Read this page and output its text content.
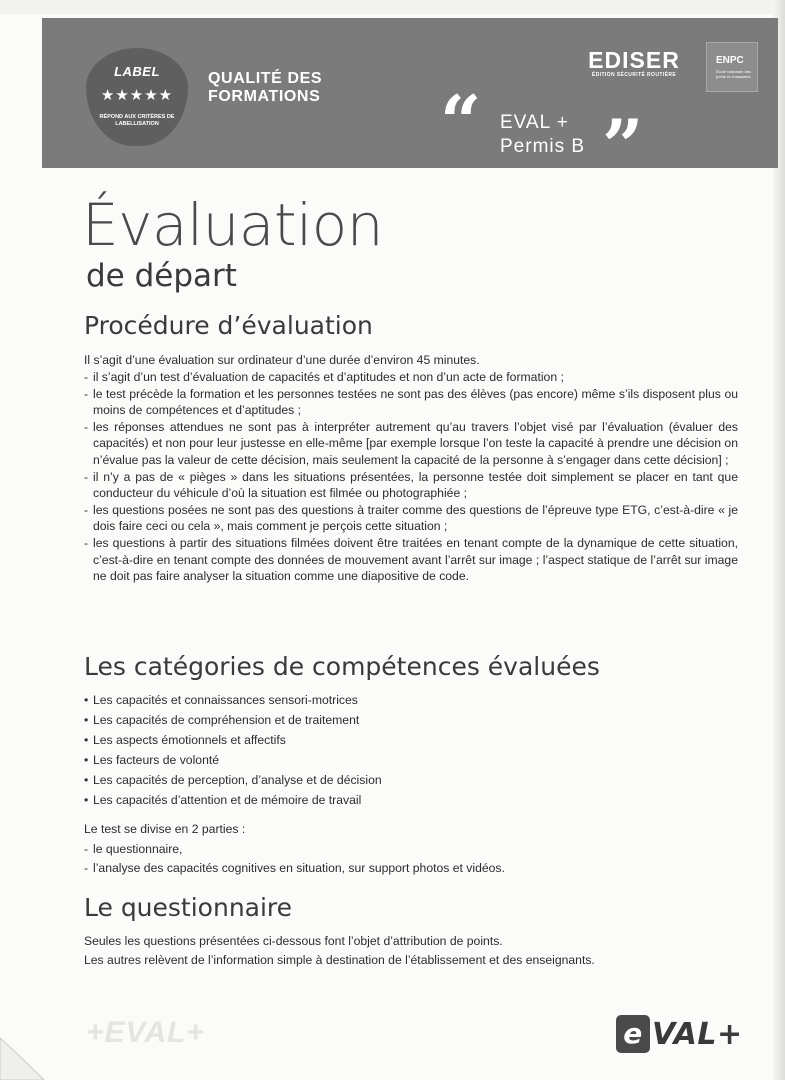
LABEL
★★★★★
RÉPOND AUX CRITÈRES DE LABELLISATION
QUALITÉ DES FORMATIONS
EDISER
ÉDITION SÉCURITÉ ROUTIÈRE
ENPC
École nationale des ponts et chaussées
“ EVAL +
Permis B ”
Évaluation
de départ
Procédure d’évaluation
Il s’agit d’une évaluation sur ordinateur d’une durée d’environ 45 minutes.
- il s’agit d’un test d’évaluation de capacités et d’aptitudes et non d’un acte de formation ;
- le test précède la formation et les personnes testées ne sont pas des élèves (pas encore) même s’ils disposent plus ou moins de compétences et d’aptitudes ;
- les réponses attendues ne sont pas à interpréter autrement qu’au travers l’objet visé par l’évaluation (évaluer des capacités) et non pour leur justesse en elle-même [par exemple lorsque l’on teste la capacité à prendre une décision on n’évalue pas la valeur de cette décision, mais seulement la capacité de la personne à s’engager dans cette décision] ;
- il n’y a pas de « pièges » dans les situations présentées, la personne testée doit simplement se placer en tant que conducteur du véhicule d’où la situation est filmée ou photographiée ;
- les questions posées ne sont pas des questions à traiter comme des questions de l’épreuve type ETG, c’est-à-dire « je dois faire ceci ou cela », mais comment je perçois cette situation ;
- les questions à partir des situations filmées doivent être traitées en tenant compte de la dynamique de cette situation, c’est-à-dire en tenant compte des données de mouvement avant l’arrêt sur image ; l’aspect statique de l’arrêt sur image ne doit pas faire analyser la situation comme une diapositive de code.
Les catégories de compétences évaluées
• Les capacités et connaissances sensori-motrices
• Les capacités de compréhension et de traitement
• Les aspects émotionnels et affectifs
• Les facteurs de volonté
• Les capacités de perception, d’analyse et de décision
• Les capacités d’attention et de mémoire de travail
Le test se divise en 2 parties :
- le questionnaire,
- l’analyse des capacités cognitives en situation, sur support photos et vidéos.
Le questionnaire
Seules les questions présentées ci-dessous font l’objet d’attribution de points.
Les autres relèvent de l’information simple à destination de l’établissement et des enseignants.
+EVAL+	e VAL+
